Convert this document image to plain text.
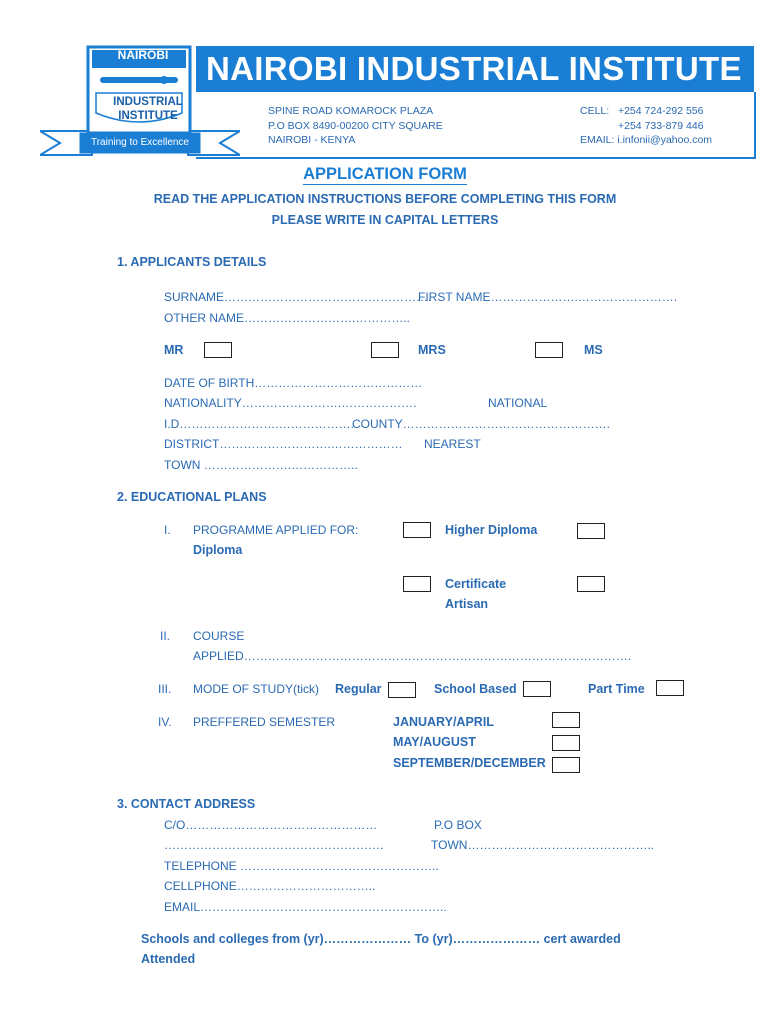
NAIROBI
INDUSTRIAL
INSTITUTE
Training to Excellence
NAIROBI INDUSTRIAL INSTITUTE
SPINE ROAD KOMAROCK PLAZA
P.O BOX 8490-00200 CITY SQUARE
NAIROBI - KENYA
CELL: +254 724-292 556
+254 733-879 446
EMAIL: i.infonii@yahoo.com
APPLICATION FORM
READ THE APPLICATION INSTRUCTIONS BEFORE COMPLETING THIS FORM
PLEASE WRITE IN CAPITAL LETTERS
1. APPLICANTS DETAILS
SURNAME…………………………………………….
FIRST NAME………………….…………………….
OTHER NAME……………………….…………..
MR	MRS	MS
DATE OF BIRTH……………………………………
NATIONALITY…………………….……………….	NATIONAL
I.D…………………….……………….
COUNTY…………………………………………….
DISTRICT……………………….……………… NEAREST
TOWN ………………….……………..
2. EDUCATIONAL PLANS
I. PROGRAMME APPLIED FOR:	Higher Diploma
Diploma
Certificate
Artisan
II. COURSE
APPLIED…………………………………………………………………………………….
III. MODE OF STUDY(tick) Regular	School Based	Part Time
IV. PREFFERED SEMESTER	JANUARY/APRIL
MAY/AUGUST
SEPTEMBER/DECEMBER
3. CONTACT ADDRESS
C/O…………………………………………	P.O BOX
……………………………………………….	TOWN………………………………………..
TELEPHONE …………………………………………..
CELLPHONE……………………………..
EMAIL……………………………………………………..
Schools and colleges from (yr)………………… To (yr)………………… cert awarded
Attended
